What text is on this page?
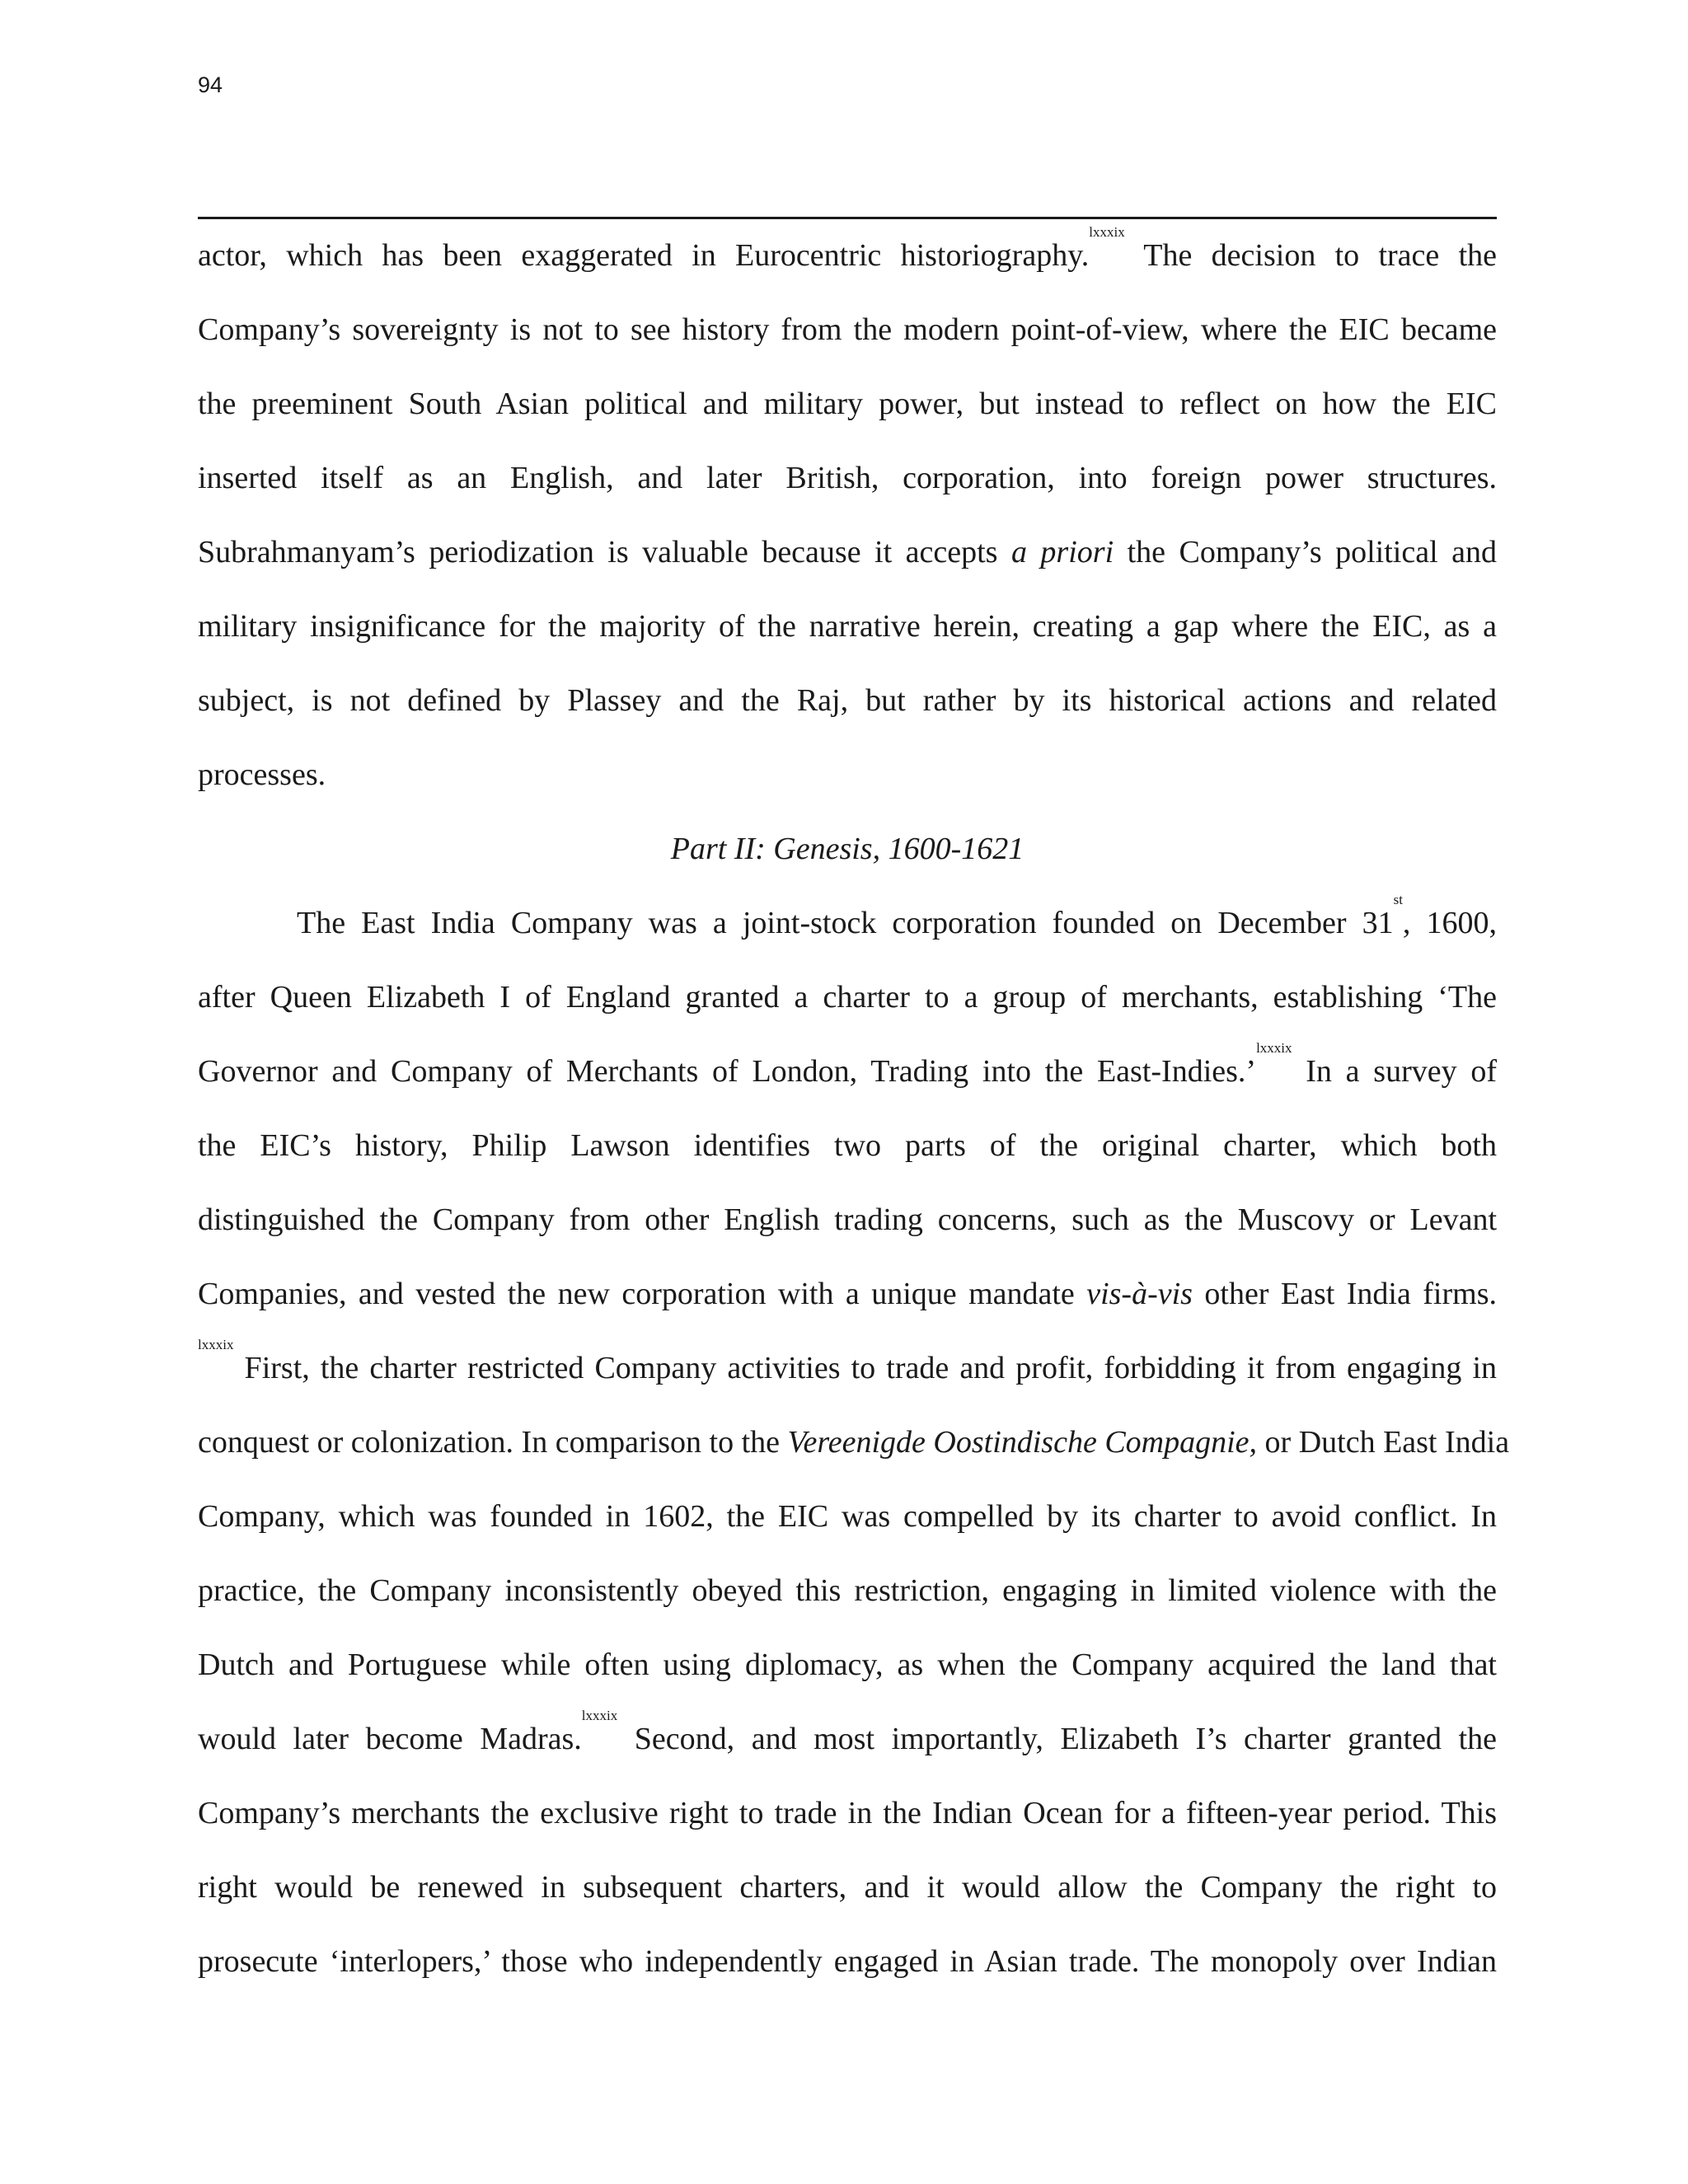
94
actor, which has been exaggerated in Eurocentric historiography.$^{lxxxix}$ The decision to trace the
Company’s sovereignty is not to see history from the modern point-of-view, where the EIC became
the preeminent South Asian political and military power, but instead to reflect on how the EIC
inserted itself as an English, and later British, corporation, into foreign power structures.
Subrahmanyam’s periodization is valuable because it accepts a priori the Company’s political and
military insignificance for the majority of the narrative herein, creating a gap where the EIC, as a
subject, is not defined by Plassey and the Raj, but rather by its historical actions and related
processes.
Part II: Genesis, 1600-1621
The East India Company was a joint-stock corporation founded on December 31st, 1600,
after Queen Elizabeth I of England granted a charter to a group of merchants, establishing ‘The
Governor and Company of Merchants of London, Trading into the East-Indies.’$^{lxxxix}$ In a survey of
the EIC’s history, Philip Lawson identifies two parts of the original charter, which both
distinguished the Company from other English trading concerns, such as the Muscovy or Levant
Companies, and vested the new corporation with a unique mandate vis-à-vis other East India firms.
$^{lxxxix}$ First, the charter restricted Company activities to trade and profit, forbidding it from engaging in
conquest or colonization. In comparison to the Vereenigde Oostindische Compagnie, or Dutch East India
Company, which was founded in 1602, the EIC was compelled by its charter to avoid conflict. In
practice, the Company inconsistently obeyed this restriction, engaging in limited violence with the
Dutch and Portuguese while often using diplomacy, as when the Company acquired the land that
would later become Madras.$^{lxxxix}$ Second, and most importantly, Elizabeth I’s charter granted the
Company’s merchants the exclusive right to trade in the Indian Ocean for a fifteen-year period. This
right would be renewed in subsequent charters, and it would allow the Company the right to
prosecute ‘interlopers,’ those who independently engaged in Asian trade. The monopoly over Indian
